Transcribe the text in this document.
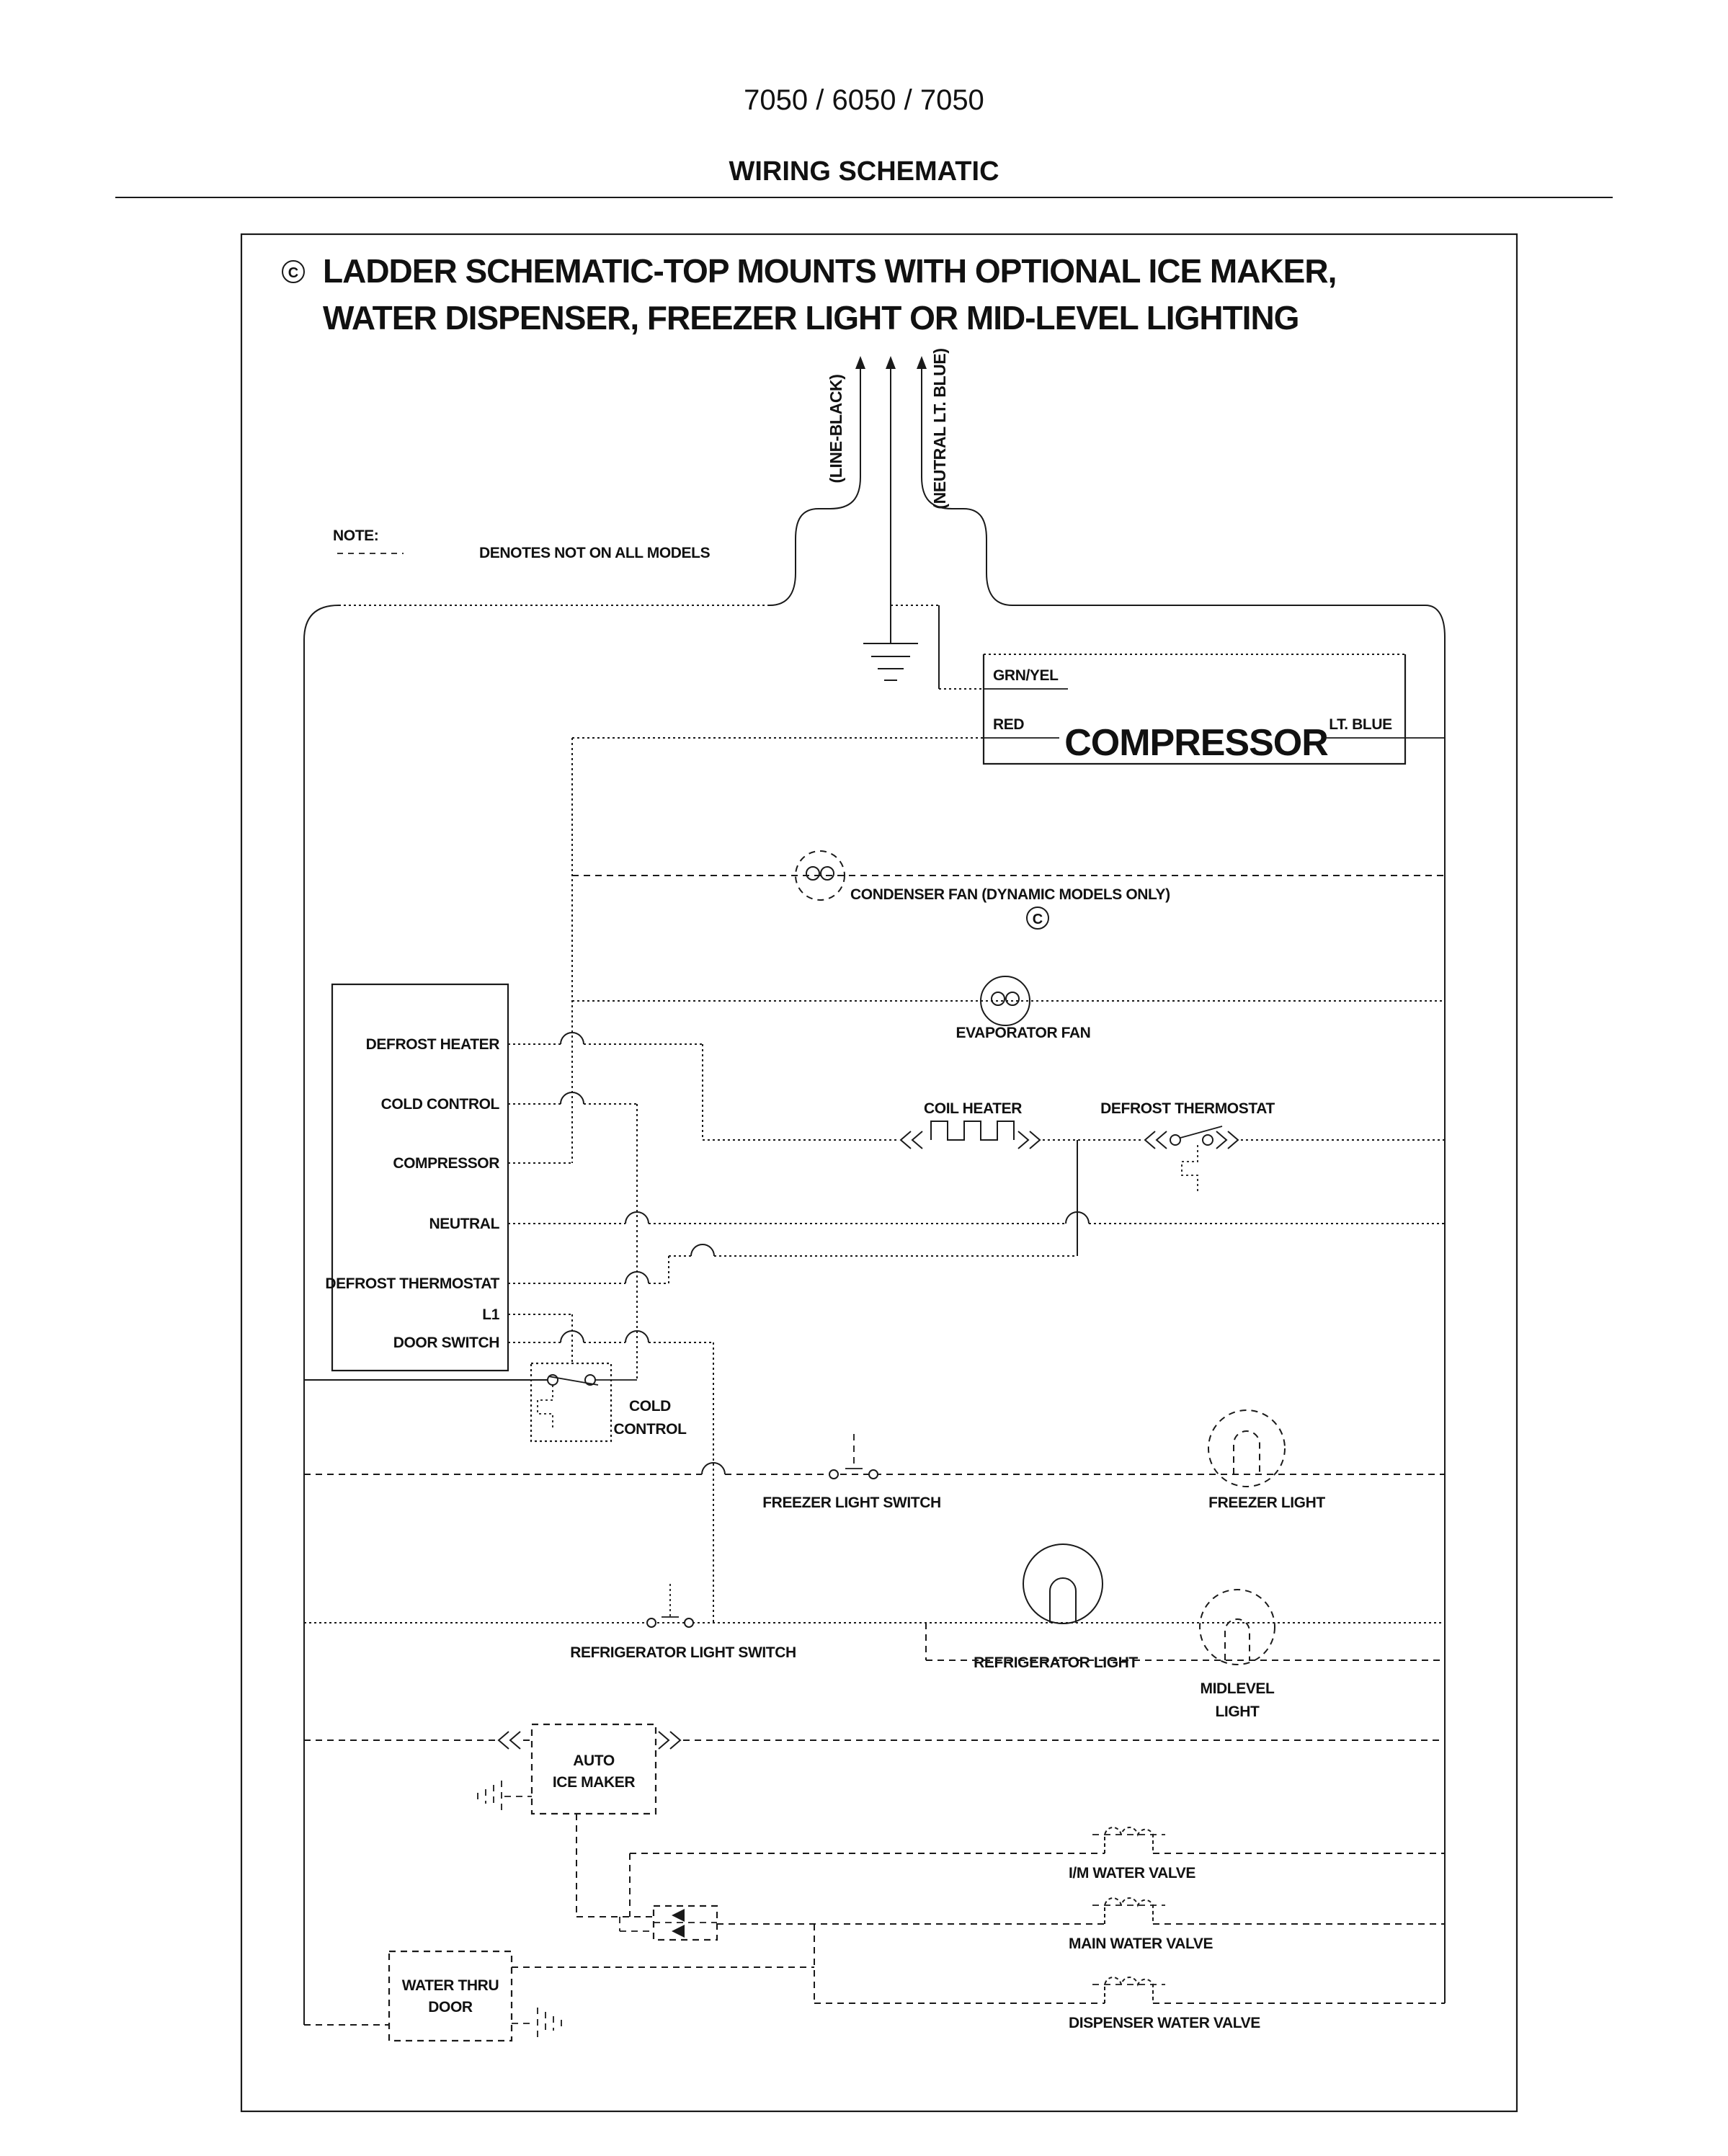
7050 / 6050 / 7050
WIRING SCHEMATIC
C LADDER SCHEMATIC-TOP MOUNTS WITH OPTIONAL ICE MAKER,
WATER DISPENSER, FREEZER LIGHT OR MID-LEVEL LIGHTING
NOTE:
DENOTES NOT ON ALL MODELS
(LINE-BLACK)	(NEUTRAL LT. BLUE)
GRN/YEL
RED COMPRESSOR LT. BLUE
CONDENSER FAN (DYNAMIC MODELS ONLY)
C
EVAPORATOR FAN
DEFROST HEATER
COLD CONTROL
COMPRESSOR
NEUTRAL
DEFROST THERMOSTAT
L1
DOOR SWITCH
COIL HEATER	DEFROST THERMOSTAT
COLD
CONTROL
FREEZER LIGHT SWITCH	FREEZER LIGHT
REFRIGERATOR LIGHT SWITCH
REFRIGERATOR LIGHT
MIDLEVEL
LIGHT
AUTO
ICE MAKER
I/M WATER VALVE
MAIN WATER VALVE
DISPENSER WATER VALVE
WATER THRU
DOOR
